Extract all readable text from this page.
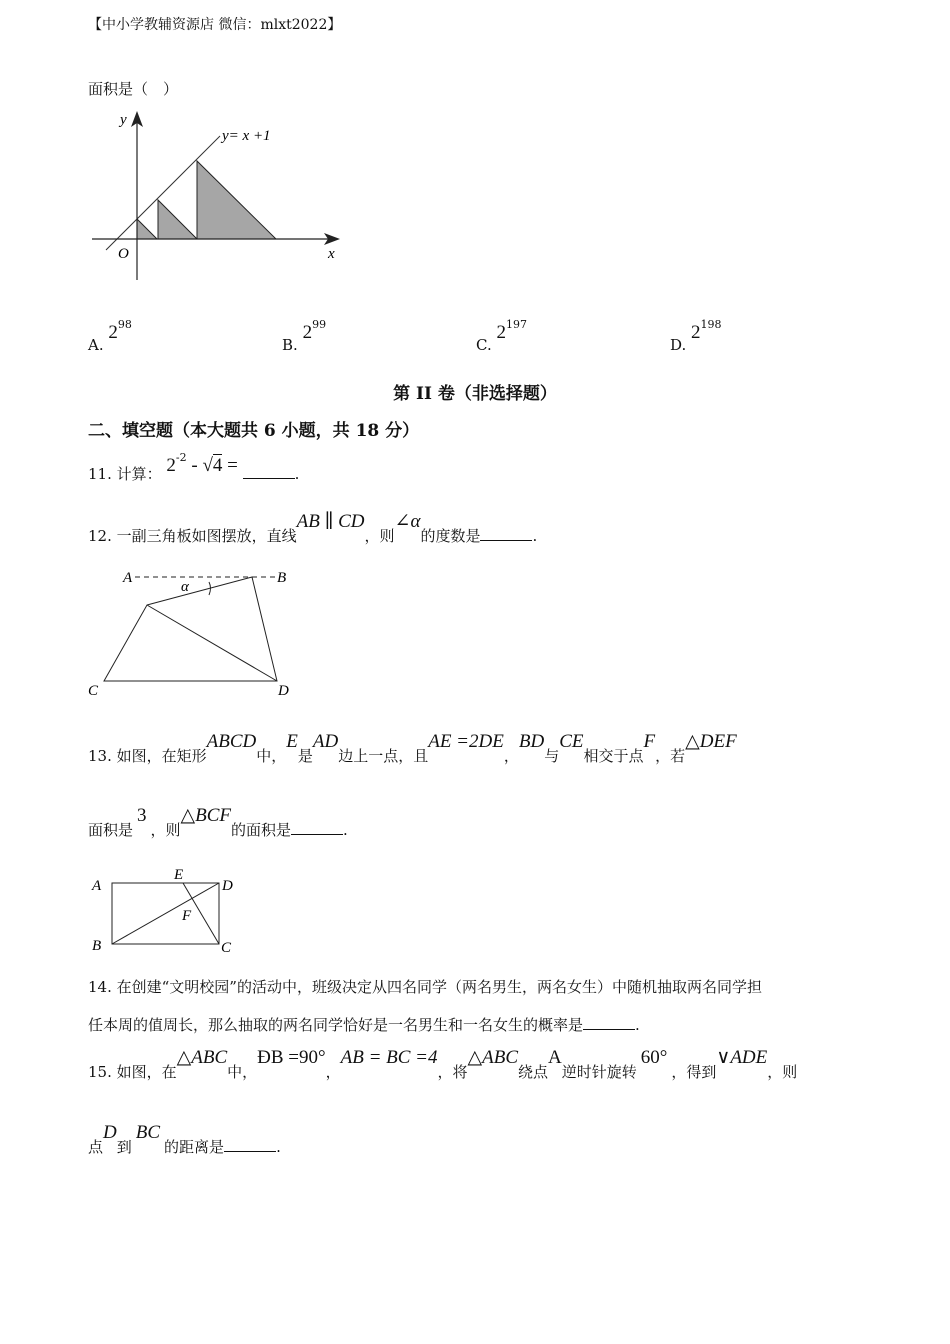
【中小学教辅资源店 微信：mlxt2022】
面积是（　）
y
x
O
y= x +1
A. $2^{98}$
B. $2^{99}$
C. $2^{197}$
D. $2^{198}$
第 II 卷（非选择题）
二、填空题（本大题共 6 小题，共 18 分）
11. 计算： $2^{-2} - √4$ =	.
12. 一副三角板如图摆放，直线AB ∥ CD，则∠α的度数是	.
A	B
C	D
α
13. 如图，在矩形ABCD中，E是AD边上一点，且AE =2DE，BD与CE相交于点F，若△DEF
面积是3，则△BCF的面积是	.
A
E
D
F
B	C
14. 在创建“文明校园”的活动中，班级决定从四名同学（两名男生，两名女生）中随机抽取两名同学担
任本周的值周长，那么抽取的两名同学恰好是一名男生和一名女生的概率是	.
15. 如图，在△ABC中，ÐB =90°，AB = BC =4，将△ABC绕点A逆时针旋转60°，得到∨ADE，则
点D到BC的距离是	.
